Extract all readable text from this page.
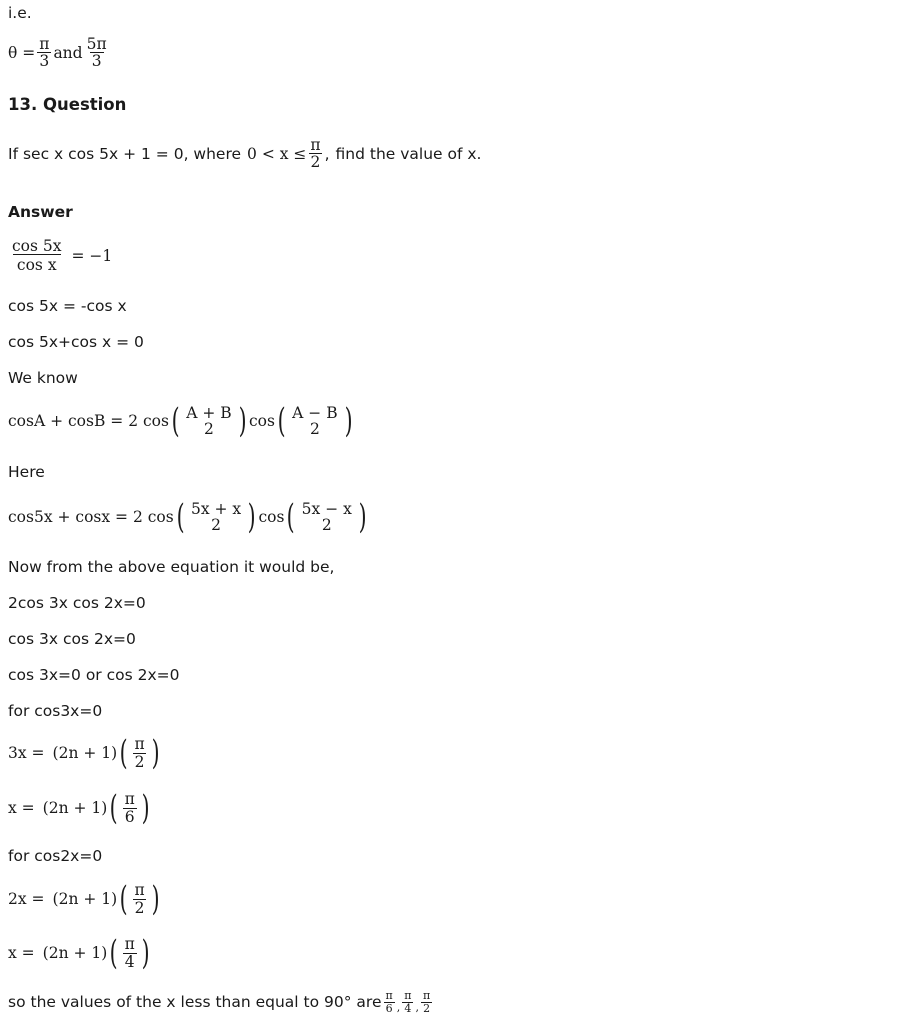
i.e.
$\theta = \frac{\pi}{3}$ and $\frac{5\pi}{3}$
13. Question
If sec x cos 5x + 1 = 0, where $0 < x \le \frac{\pi}{2}$ , find the value of x.
Answer
$\frac{\cos 5x}{\text{cos x}} = -1$
cos 5x = -cos x
cos 5x+cos x = 0
We know
cosA + cosB = 2 cos ( A + B
2 ) cos ( A − B
2 )
Here
cos5x + cosx = 2 cos ( 5x + x
2 ) cos ( 5x − x
2 )
Now from the above equation it would be,
2cos 3x cos 2x=0
cos 3x cos 2x=0
cos 3x=0 or cos 2x=0
for cos3x=0
3x = (2n + 1) ( $\frac{\pi}{2}$ )
x = (2n + 1) ( $\frac{\pi}{6}$ )
for cos2x=0
2x = (2n + 1) ( $\frac{\pi}{2}$ )
x = (2n + 1) ( $\frac{\pi}{4}$ )
so the values of the x less than equal to 90° are $\frac{\pi}{6}$ , $\frac{\pi}{4}$ , $\frac{\pi}{2}$
